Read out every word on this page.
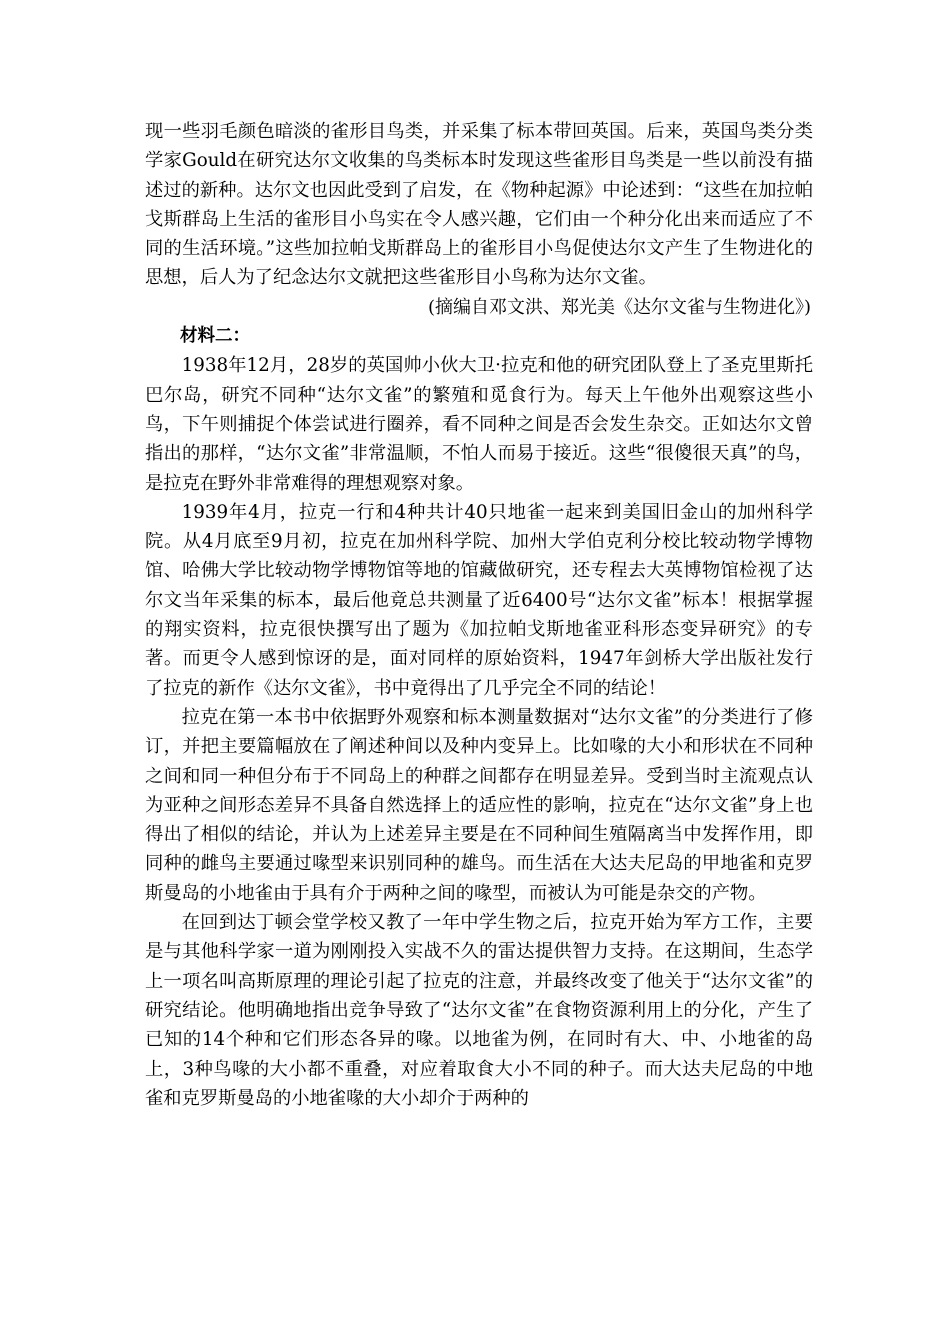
现一些羽毛颜色暗淡的雀形目鸟类，并采集了标本带回英国。后来，英国鸟类分类学家Gould在研究达尔文收集的鸟类标本时发现这些雀形目鸟类是一些以前没有描述过的新种。达尔文也因此受到了启发，在《物种起源》中论述到：“这些在加拉帕戈斯群岛上生活的雀形目小鸟实在令人感兴趣，它们由一个种分化出来而适应了不同的生活环境。”这些加拉帕戈斯群岛上的雀形目小鸟促使达尔文产生了生物进化的思想，后人为了纪念达尔文就把这些雀形目小鸟称为达尔文雀。

(摘编自邓文洪、郑光美《达尔文雀与生物进化》)

材料二：

1938年12月，28岁的英国帅小伙大卫·拉克和他的研究团队登上了圣克里斯托巴尔岛，研究不同种“达尔文雀”的繁殖和觅食行为。每天上午他外出观察这些小鸟，下午则捕捉个体尝试进行圈养，看不同种之间是否会发生杂交。正如达尔文曾指出的那样，“达尔文雀”非常温顺，不怕人而易于接近。这些“很傻很天真”的鸟，是拉克在野外非常难得的理想观察对象。

1939年4月，拉克一行和4种共计40只地雀一起来到美国旧金山的加州科学院。从4月底至9月初，拉克在加州科学院、加州大学伯克利分校比较动物学博物馆、哈佛大学比较动物学博物馆等地的馆藏做研究，还专程去大英博物馆检视了达尔文当年采集的标本，最后他竟总共测量了近6400号“达尔文雀”标本！根据掌握的翔实资料，拉克很快撰写出了题为《加拉帕戈斯地雀亚科形态变异研究》的专著。而更令人感到惊讶的是，面对同样的原始资料，1947年剑桥大学出版社发行了拉克的新作《达尔文雀》，书中竟得出了几乎完全不同的结论！

拉克在第一本书中依据野外观察和标本测量数据对“达尔文雀”的分类进行了修订，并把主要篇幅放在了阐述种间以及种内变异上。比如喙的大小和形状在不同种之间和同一种但分布于不同岛上的种群之间都存在明显差异。受到当时主流观点认为亚种之间形态差异不具备自然选择上的适应性的影响，拉克在“达尔文雀”身上也得出了相似的结论，并认为上述差异主要是在不同种间生殖隔离当中发挥作用，即同种的雌鸟主要通过喙型来识别同种的雄鸟。而生活在大达夫尼岛的甲地雀和克罗斯曼岛的小地雀由于具有介于两种之间的喙型，而被认为可能是杂交的产物。

在回到达丁顿会堂学校又教了一年中学生物之后，拉克开始为军方工作，主要是与其他科学家一道为刚刚投入实战不久的雷达提供智力支持。在这期间，生态学上一项名叫高斯原理的理论引起了拉克的注意，并最终改变了他关于“达尔文雀”的研究结论。他明确地指出竞争导致了“达尔文雀”在食物资源利用上的分化，产生了已知的14个种和它们形态各异的喙。以地雀为例，在同时有大、中、小地雀的岛上，3种鸟喙的大小都不重叠，对应着取食大小不同的种子。而大达夫尼岛的中地雀和克罗斯曼岛的小地雀喙的大小却介于两种的
